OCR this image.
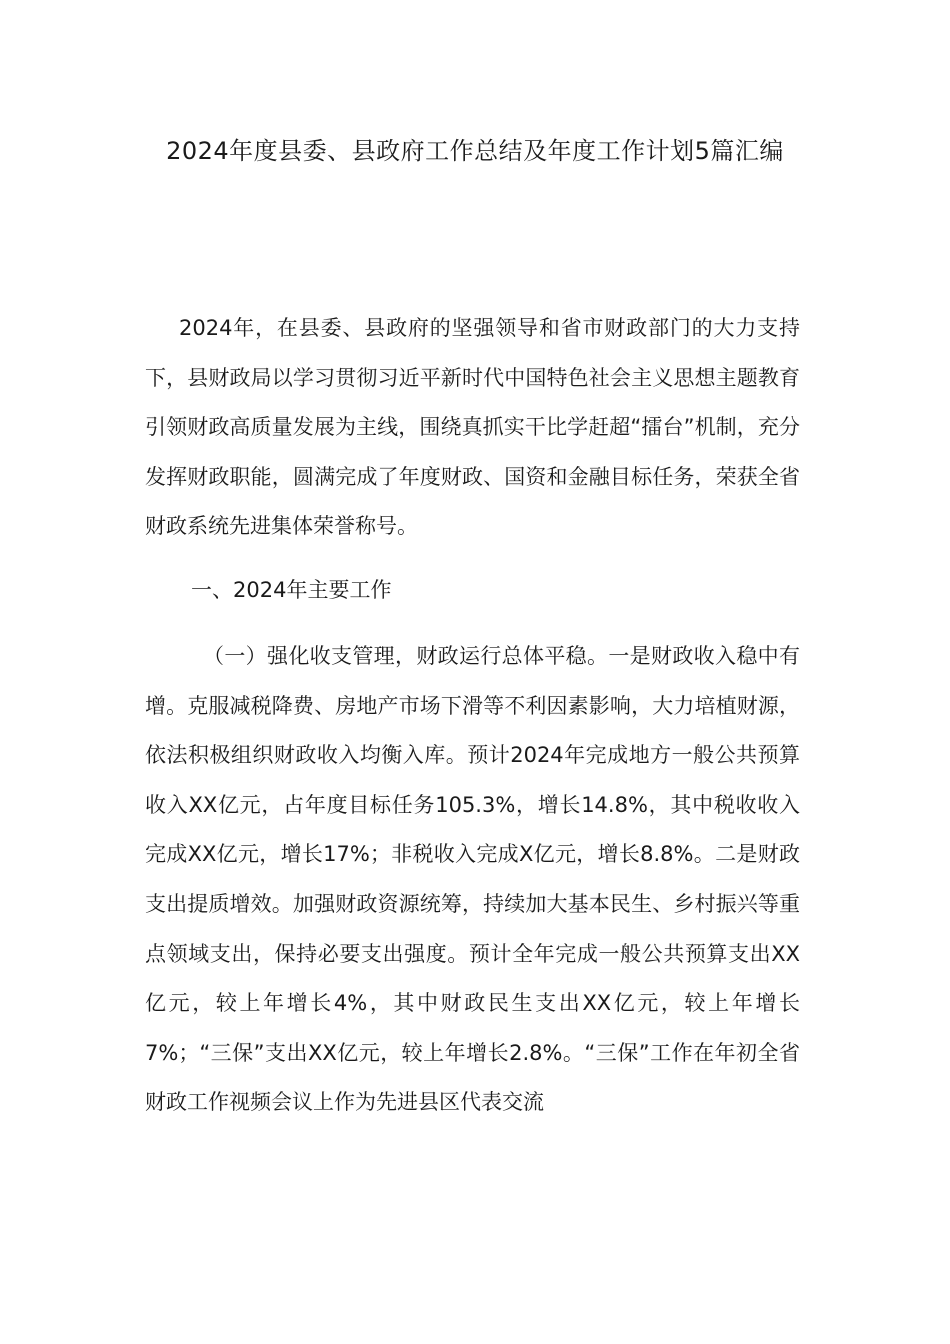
2024年度县委、县政府工作总结及年度工作计划5篇汇编
2024年，在县委、县政府的坚强领导和省市财政部门的大力支持下，县财政局以学习贯彻习近平新时代中国特色社会主义思想主题教育引领财政高质量发展为主线，围绕真抓实干比学赶超“擂台”机制，充分发挥财政职能，圆满完成了年度财政、国资和金融目标任务，荣获全省财政系统先进集体荣誉称号。
一、2024年主要工作
（一）强化收支管理，财政运行总体平稳。一是财政收入稳中有增。克服减税降费、房地产市场下滑等不利因素影响，大力培植财源，依法积极组织财政收入均衡入库。预计2024年完成地方一般公共预算收入XX亿元，占年度目标任务105.3%，增长14.8%，其中税收收入完成XX亿元，增长17%；非税收入完成X亿元，增长8.8%。二是财政支出提质增效。加强财政资源统筹，持续加大基本民生、乡村振兴等重点领域支出，保持必要支出强度。预计全年完成一般公共预算支出XX亿元，较上年增长4%，其中财政民生支出XX亿元，较上年增长7%；“三保”支出XX亿元，较上年增长2.8%。“三保”工作在年初全省财政工作视频会议上作为先进县区代表交流
